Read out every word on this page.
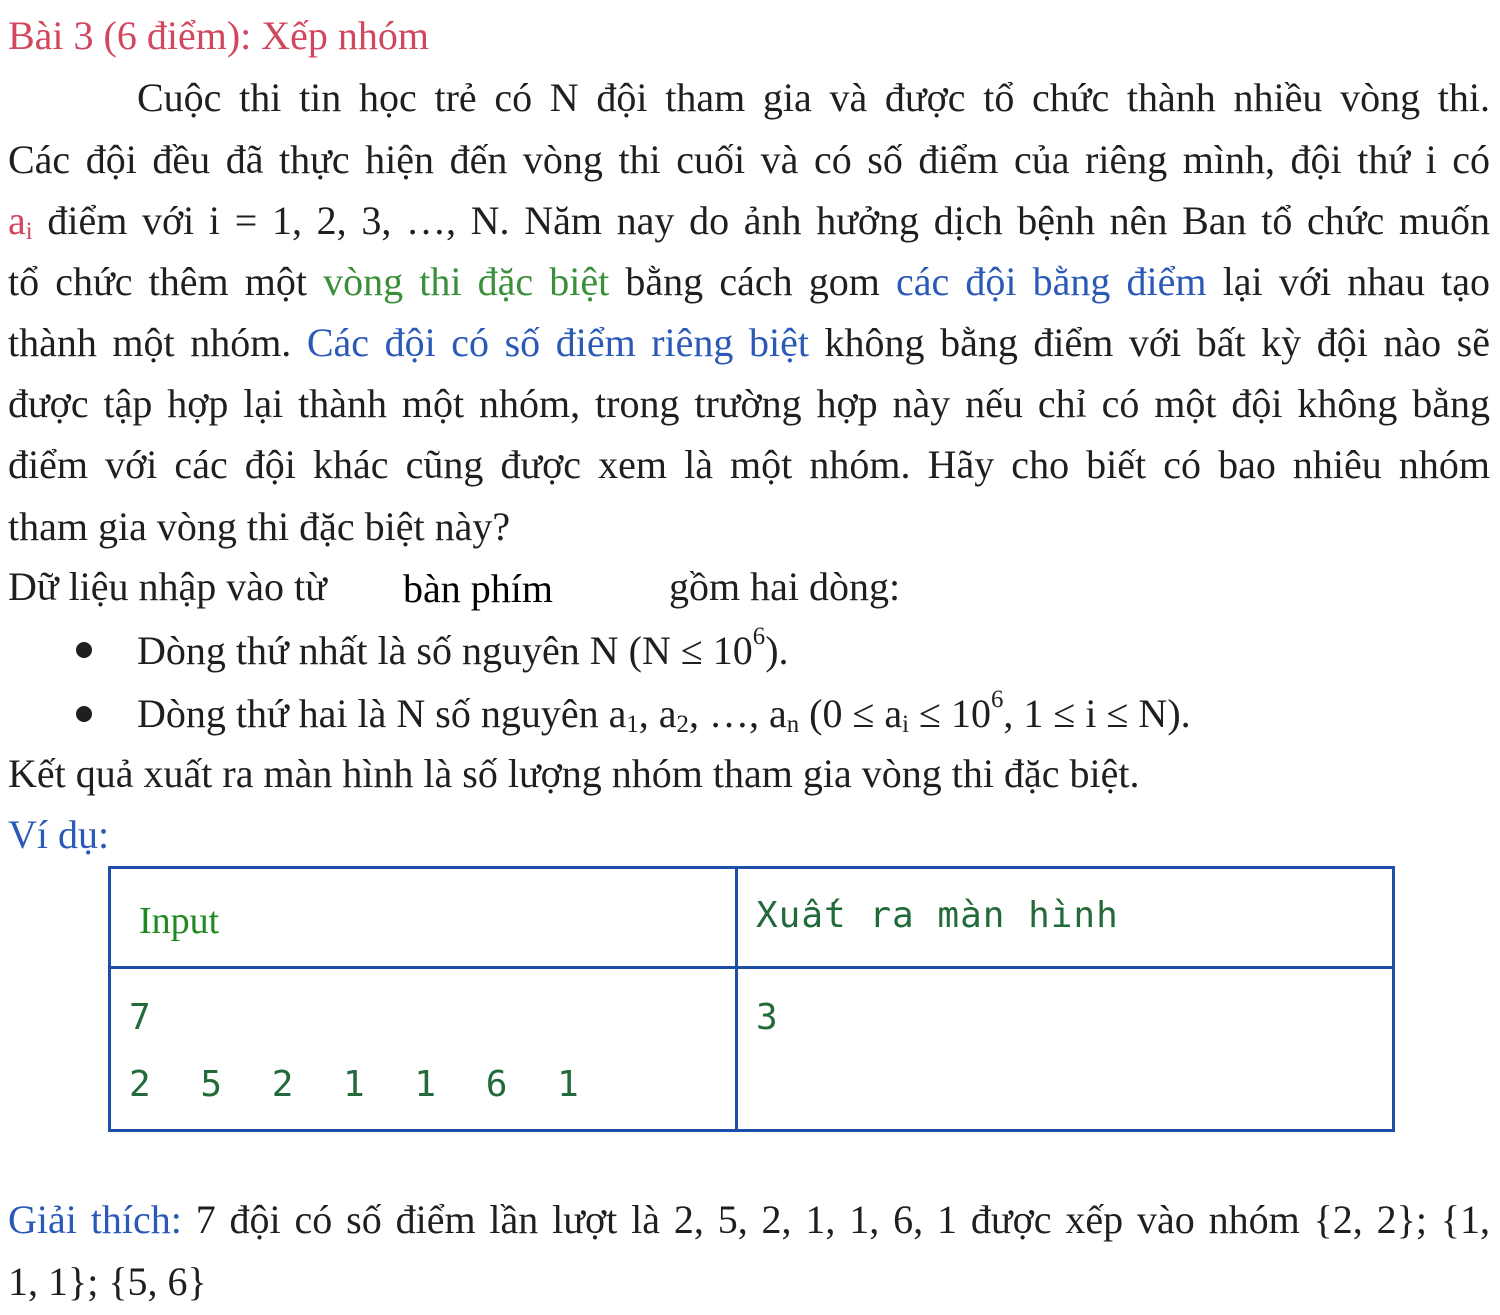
Bài 3 (6 điểm): Xếp nhóm
Cuộc thi tin học trẻ có N đội tham gia và được tổ chức thành nhiều vòng thi.
Các đội đều đã thực hiện đến vòng thi cuối và có số điểm của riêng mình, đội thứ i có
$a_i$ điểm với i = 1, 2, 3, …, N. Năm nay do ảnh hưởng dịch bệnh nên Ban tổ chức muốn
tổ chức thêm một vòng thi đặc biệt bằng cách gom các đội bằng điểm lại với nhau tạo
thành một nhóm. Các đội có số điểm riêng biệt không bằng điểm với bất kỳ đội nào sẽ
được tập hợp lại thành một nhóm, trong trường hợp này nếu chỉ có một đội không bằng
điểm với các đội khác cũng được xem là một nhóm. Hãy cho biết có bao nhiêu nhóm
tham gia vòng thi đặc biệt này?
Dữ liệu nhập vào từ bàn phím	gồm hai dòng:
Dòng thứ nhất là số nguyên N $(N \le 10^6)$.
Dòng thứ hai là N số nguyên $a_1$, $a_2$, …, $a_n$ ($0 \le a_i \le 10^6$, 1 ≤ i ≤ N).
Kết quả xuất ra màn hình là số lượng nhóm tham gia vòng thi đặc biệt.
Ví dụ:
Input	Xuất ra màn hình

7
2 5 2 1 1 6 1	3
Giải thích: 7 đội có số điểm lần lượt là 2, 5, 2, 1, 1, 6, 1 được xếp vào nhóm {2, 2}; {1,
1, 1}; {5, 6}
